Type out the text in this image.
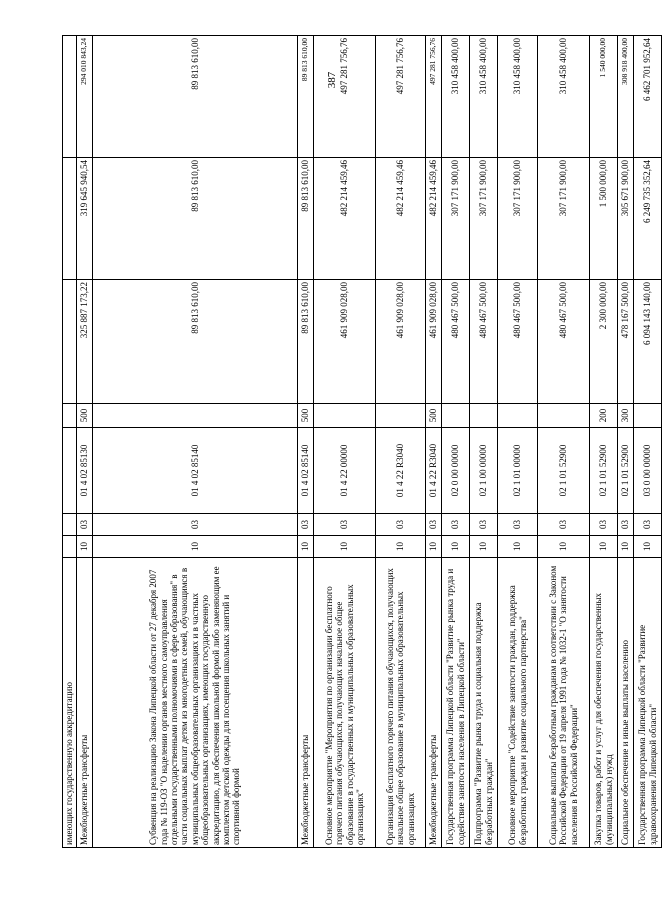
387
имеющих государственную аккредитацию							
Межбюджетные трансферты	10	03	01 4 02 85130	500	325 887 173,22	319 645 940,54	294 010 843,24
Субвенция на реализацию Закона Липецкой области от 27 декабря 2007 года № 119-ОЗ "О наделении органов местного самоуправления отдельными государственными полномочиями в сфере образования" в части социальных выплат детям из многодетных семей, обучающимся в муниципальных общеобразовательных организациях и в частных общеобразовательных организациях, имеющих государственную аккредитацию, для обеспечения школьной формой либо заменяющим ее комплектом детской одежды для посещения школьных занятий и спортивной формой	10	03	01 4 02 85140		89 813 610,00	89 813 610,00	89 813 610,00
Межбюджетные трансферты	10	03	01 4 02 85140	500	89 813 610,00	89 813 610,00	89 813 610,00
Основное мероприятие "Мероприятия по организации бесплатного горячего питания обучающихся, получающих начальное общее образование в государственных и муниципальных образовательных организациях"	10	03	01 4 22 00000		461 909 028,00	482 214 459,46	497 281 756,76
Организация бесплатного горячего питания обучающихся, получающих начальное общее образование в муниципальных образовательных организациях	10	03	01 4 22 R3040		461 909 028,00	482 214 459,46	497 281 756,76
Межбюджетные трансферты	10	03	01 4 22 R3040	500	461 909 028,00	482 214 459,46	497 281 756,76
Государственная программа Липецкой области "Развитие рынка труда и содействие занятости населения в Липецкой области"	10	03	02 0 00 00000		480 467 500,00	307 171 900,00	310 458 400,00
Подпрограмма "Развитие рынка труда и социальная поддержка безработных граждан"	10	03	02 1 00 00000		480 467 500,00	307 171 900,00	310 458 400,00
Основное мероприятие "Содействие занятости граждан, поддержка безработных граждан и развитие социального партнерства"	10	03	02 1 01 00000		480 467 500,00	307 171 900,00	310 458 400,00
Социальные выплаты безработным гражданам в соответствии с Законом Российской Федерации от 19 апреля 1991 года № 1032-1 "О занятости населения в Российской Федерации"	10	03	02 1 01 52900		480 467 500,00	307 171 900,00	310 458 400,00
Закупка товаров, работ и услуг для обеспечения государственных (муниципальных) нужд	10	03	02 1 01 52900	200	2 300 000,00	1 500 000,00	1 540 000,00
Социальное обеспечение и иные выплаты населению	10	03	02 1 01 52900	300	478 167 500,00	305 671 900,00	308 918 400,00
Государственная программа Липецкой области "Развитие здравоохранения Липецкой области"	10	03	03 0 00 00000		6 094 143 140,00	6 249 735 352,64	6 462 701 952,64
